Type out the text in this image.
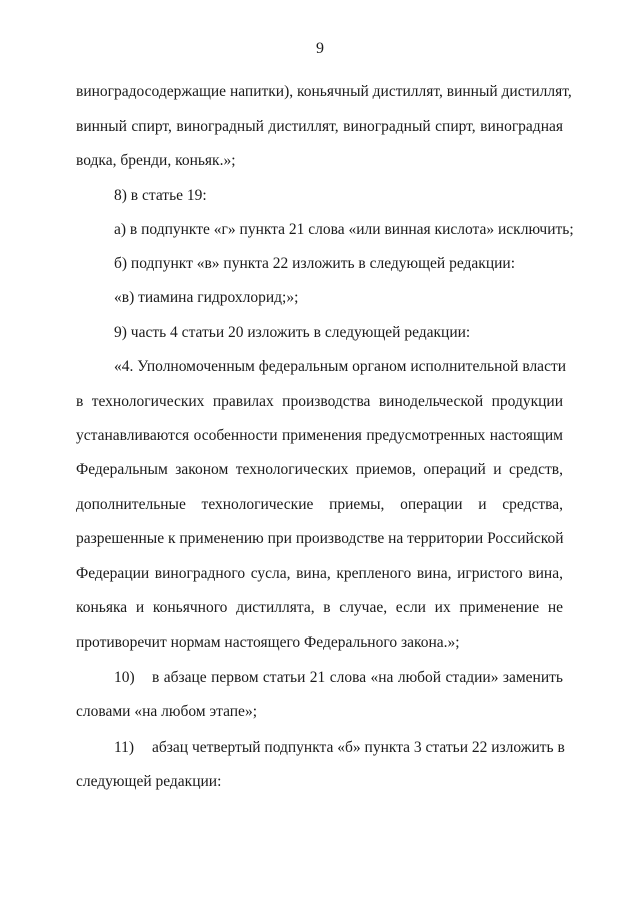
9
виноградосодержащие напитки), коньячный дистиллят, винный дистиллят,
винный спирт, виноградный дистиллят, виноградный спирт, виноградная
водка, бренди, коньяк.»;
8) в статье 19:
а) в подпункте «г» пункта 21 слова «или винная кислота» исключить;
б) подпункт «в» пункта 22 изложить в следующей редакции:
«в) тиамина гидрохлорид;»;
9) часть 4 статьи 20 изложить в следующей редакции:
«4. Уполномоченным федеральным органом исполнительной власти
в технологических правилах производства винодельческой продукции
устанавливаются особенности применения предусмотренных настоящим
Федеральным законом технологических приемов, операций и средств,
дополнительные технологические приемы, операции и средства,
разрешенные к применению при производстве на территории Российской
Федерации виноградного сусла, вина, крепленого вина, игристого вина,
коньяка и коньячного дистиллята, в случае, если их применение не
противоречит нормам настоящего Федерального закона.»;
10) в абзаце первом статьи 21 слова «на любой стадии» заменить
словами «на любом этапе»;
11) абзац четвертый подпункта «б» пункта 3 статьи 22 изложить в
следующей редакции:
